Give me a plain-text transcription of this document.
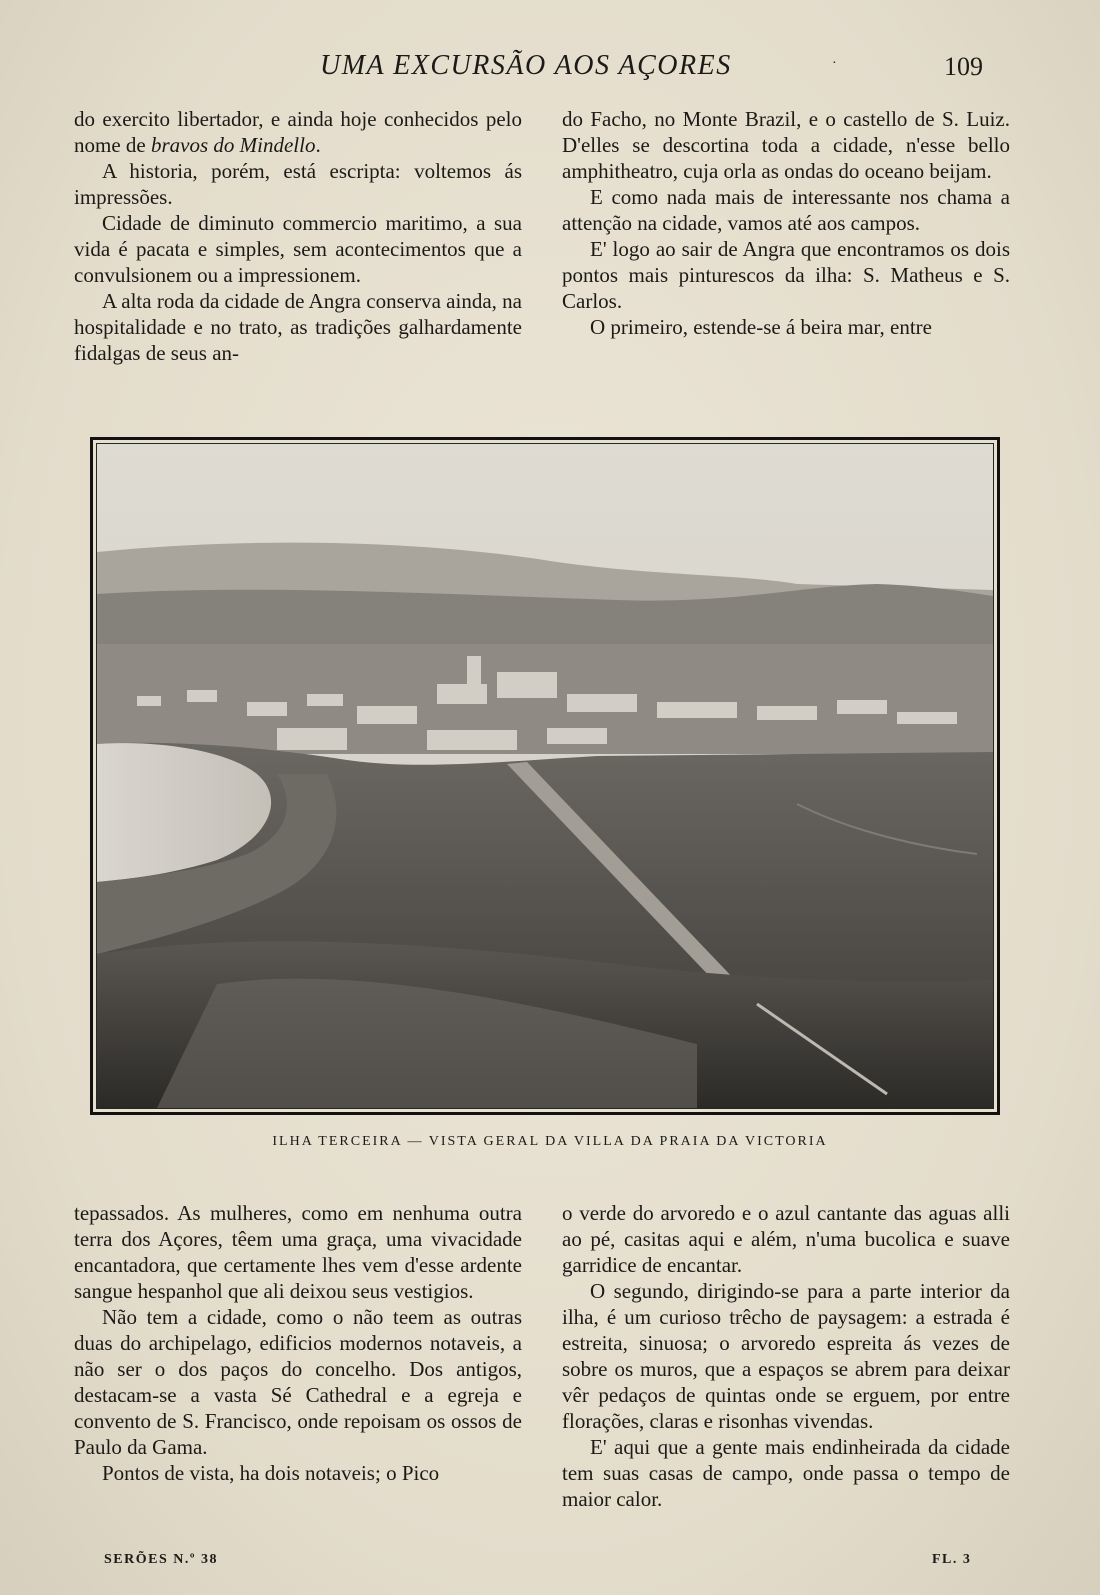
UMA EXCURSÃO AOS AÇORES	·	109

do exercito libertador, e ainda hoje conhecidos pelo nome de bravos do Mindello.

A historia, porém, está escripta: voltemos ás impressões.

Cidade de diminuto commercio maritimo, a sua vida é pacata e simples, sem acontecimentos que a convulsionem ou a impressionem.

A alta roda da cidade de Angra conserva ainda, na hospitalidade e no trato, as tradições galhardamente fidalgas de seus an-

do Facho, no Monte Brazil, e o castello de S. Luiz. D'elles se descortina toda a cidade, n'esse bello amphitheatro, cuja orla as ondas do oceano beijam.

E como nada mais de interessante nos chama a attenção na cidade, vamos até aos campos.

E' logo ao sair de Angra que encontramos os dois pontos mais pinturescos da ilha: S. Matheus e S. Carlos.

O primeiro, estende-se á beira mar, entre

ILHA TERCEIRA — VISTA GERAL DA VILLA DA PRAIA DA VICTORIA

tepassados. As mulheres, como em nenhuma outra terra dos Açores, têem uma graça, uma vivacidade encantadora, que certamente lhes vem d'esse ardente sangue hespanhol que ali deixou seus vestigios.

Não tem a cidade, como o não teem as outras duas do archipelago, edificios modernos notaveis, a não ser o dos paços do concelho. Dos antigos, destacam-se a vasta Sé Cathedral e a egreja e convento de S. Francisco, onde repoisam os ossos de Paulo da Gama.

Pontos de vista, ha dois notaveis; o Pico

o verde do arvoredo e o azul cantante das aguas alli ao pé, casitas aqui e além, n'uma bucolica e suave garridice de encantar.

O segundo, dirigindo-se para a parte interior da ilha, é um curioso trêcho de paysagem: a estrada é estreita, sinuosa; o arvoredo espreita ás vezes de sobre os muros, que a espaços se abrem para deixar vêr pedaços de quintas onde se erguem, por entre florações, claras e risonhas vivendas.

E' aqui que a gente mais endinheirada da cidade tem suas casas de campo, onde passa o tempo de maior calor.

SERÕES N.º 38	FL. 3
